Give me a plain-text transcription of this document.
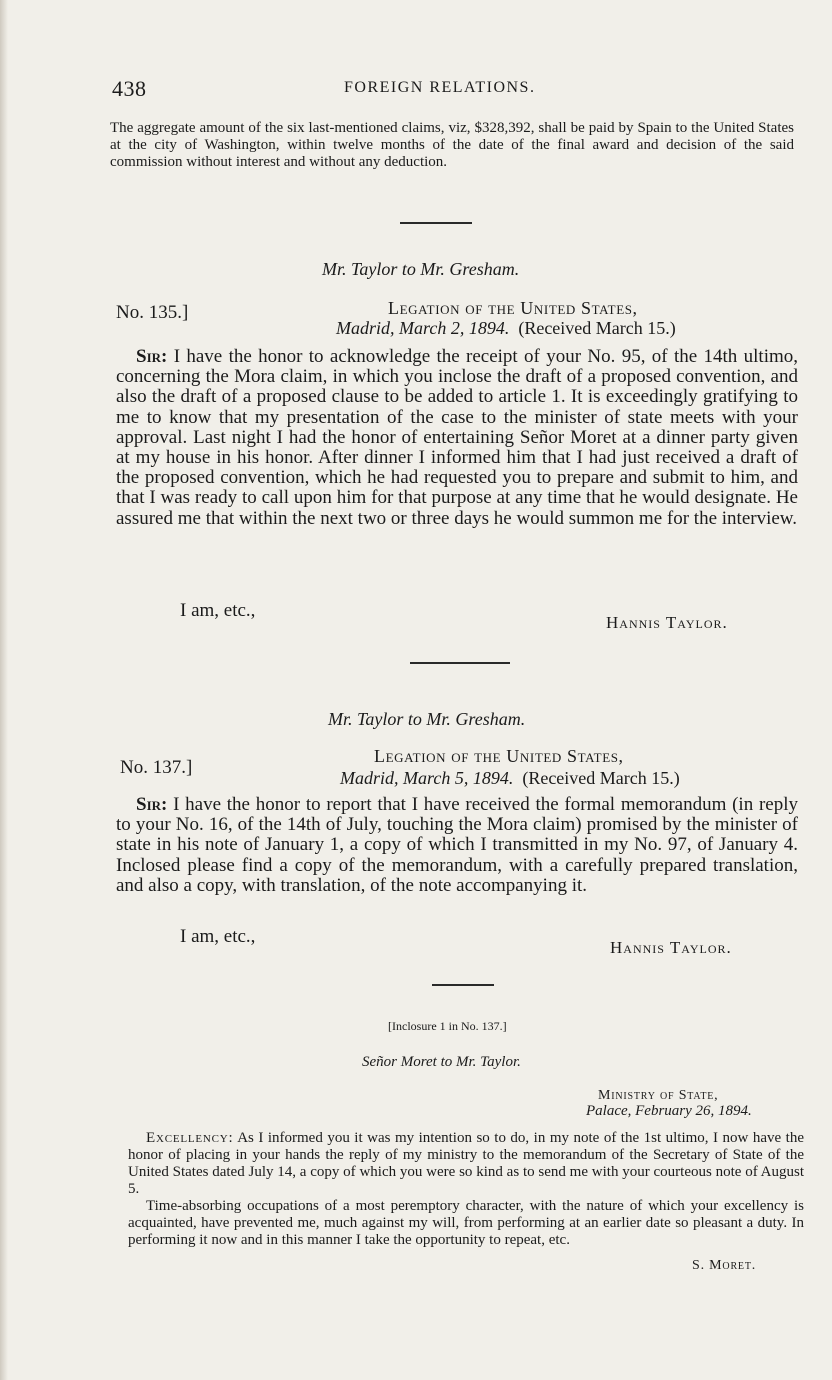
438	FOREIGN RELATIONS.
The aggregate amount of the six last-mentioned claims, viz, $328,392, shall be paid by Spain to the United States at the city of Washington, within twelve months of the date of the final award and decision of the said commission without interest and without any deduction.
Mr. Taylor to Mr. Gresham.
No. 135.]	Legation of the United States,
Madrid, March 2, 1894. (Received March 15.)

Sir: I have the honor to acknowledge the receipt of your No. 95, of the 14th ultimo, concerning the Mora claim, in which you inclose the draft of a proposed convention, and also the draft of a proposed clause to be added to article 1. It is exceedingly gratifying to me to know that my presentation of the case to the minister of state meets with your approval. Last night I had the honor of entertaining Señor Moret at a dinner party given at my house in his honor. After dinner I informed him that I had just received a draft of the proposed convention, which he had requested you to prepare and submit to him, and that I was ready to call upon him for that purpose at any time that he would designate. He assured me that within the next two or three days he would summon me for the interview.

I am, etc.,
Hannis Taylor.
Mr. Taylor to Mr. Gresham.
No. 137.]
Legation of the United States,
Madrid, March 5, 1894. (Received March 15.)

Sir: I have the honor to report that I have received the formal memorandum (in reply to your No. 16, of the 14th of July, touching the Mora claim) promised by the minister of state in his note of January 1, a copy of which I transmitted in my No. 97, of January 4. Inclosed please find a copy of the memorandum, with a carefully prepared translation, and also a copy, with translation, of the note accompanying it.

I am, etc.,
Hannis Taylor.
[Inclosure 1 in No. 137.]
Señor Moret to Mr. Taylor.
Ministry of State,
Palace, February 26, 1894.

Excellency: As I informed you it was my intention so to do, in my note of the 1st ultimo, I now have the honor of placing in your hands the reply of my ministry to the memorandum of the Secretary of State of the United States dated July 14, a copy of which you were so kind as to send me with your courteous note of August 5.

Time-absorbing occupations of a most peremptory character, with the nature of which your excellency is acquainted, have prevented me, much against my will, from performing at an earlier date so pleasant a duty. In performing it now and in this manner I take the opportunity to repeat, etc.

S. Moret.
